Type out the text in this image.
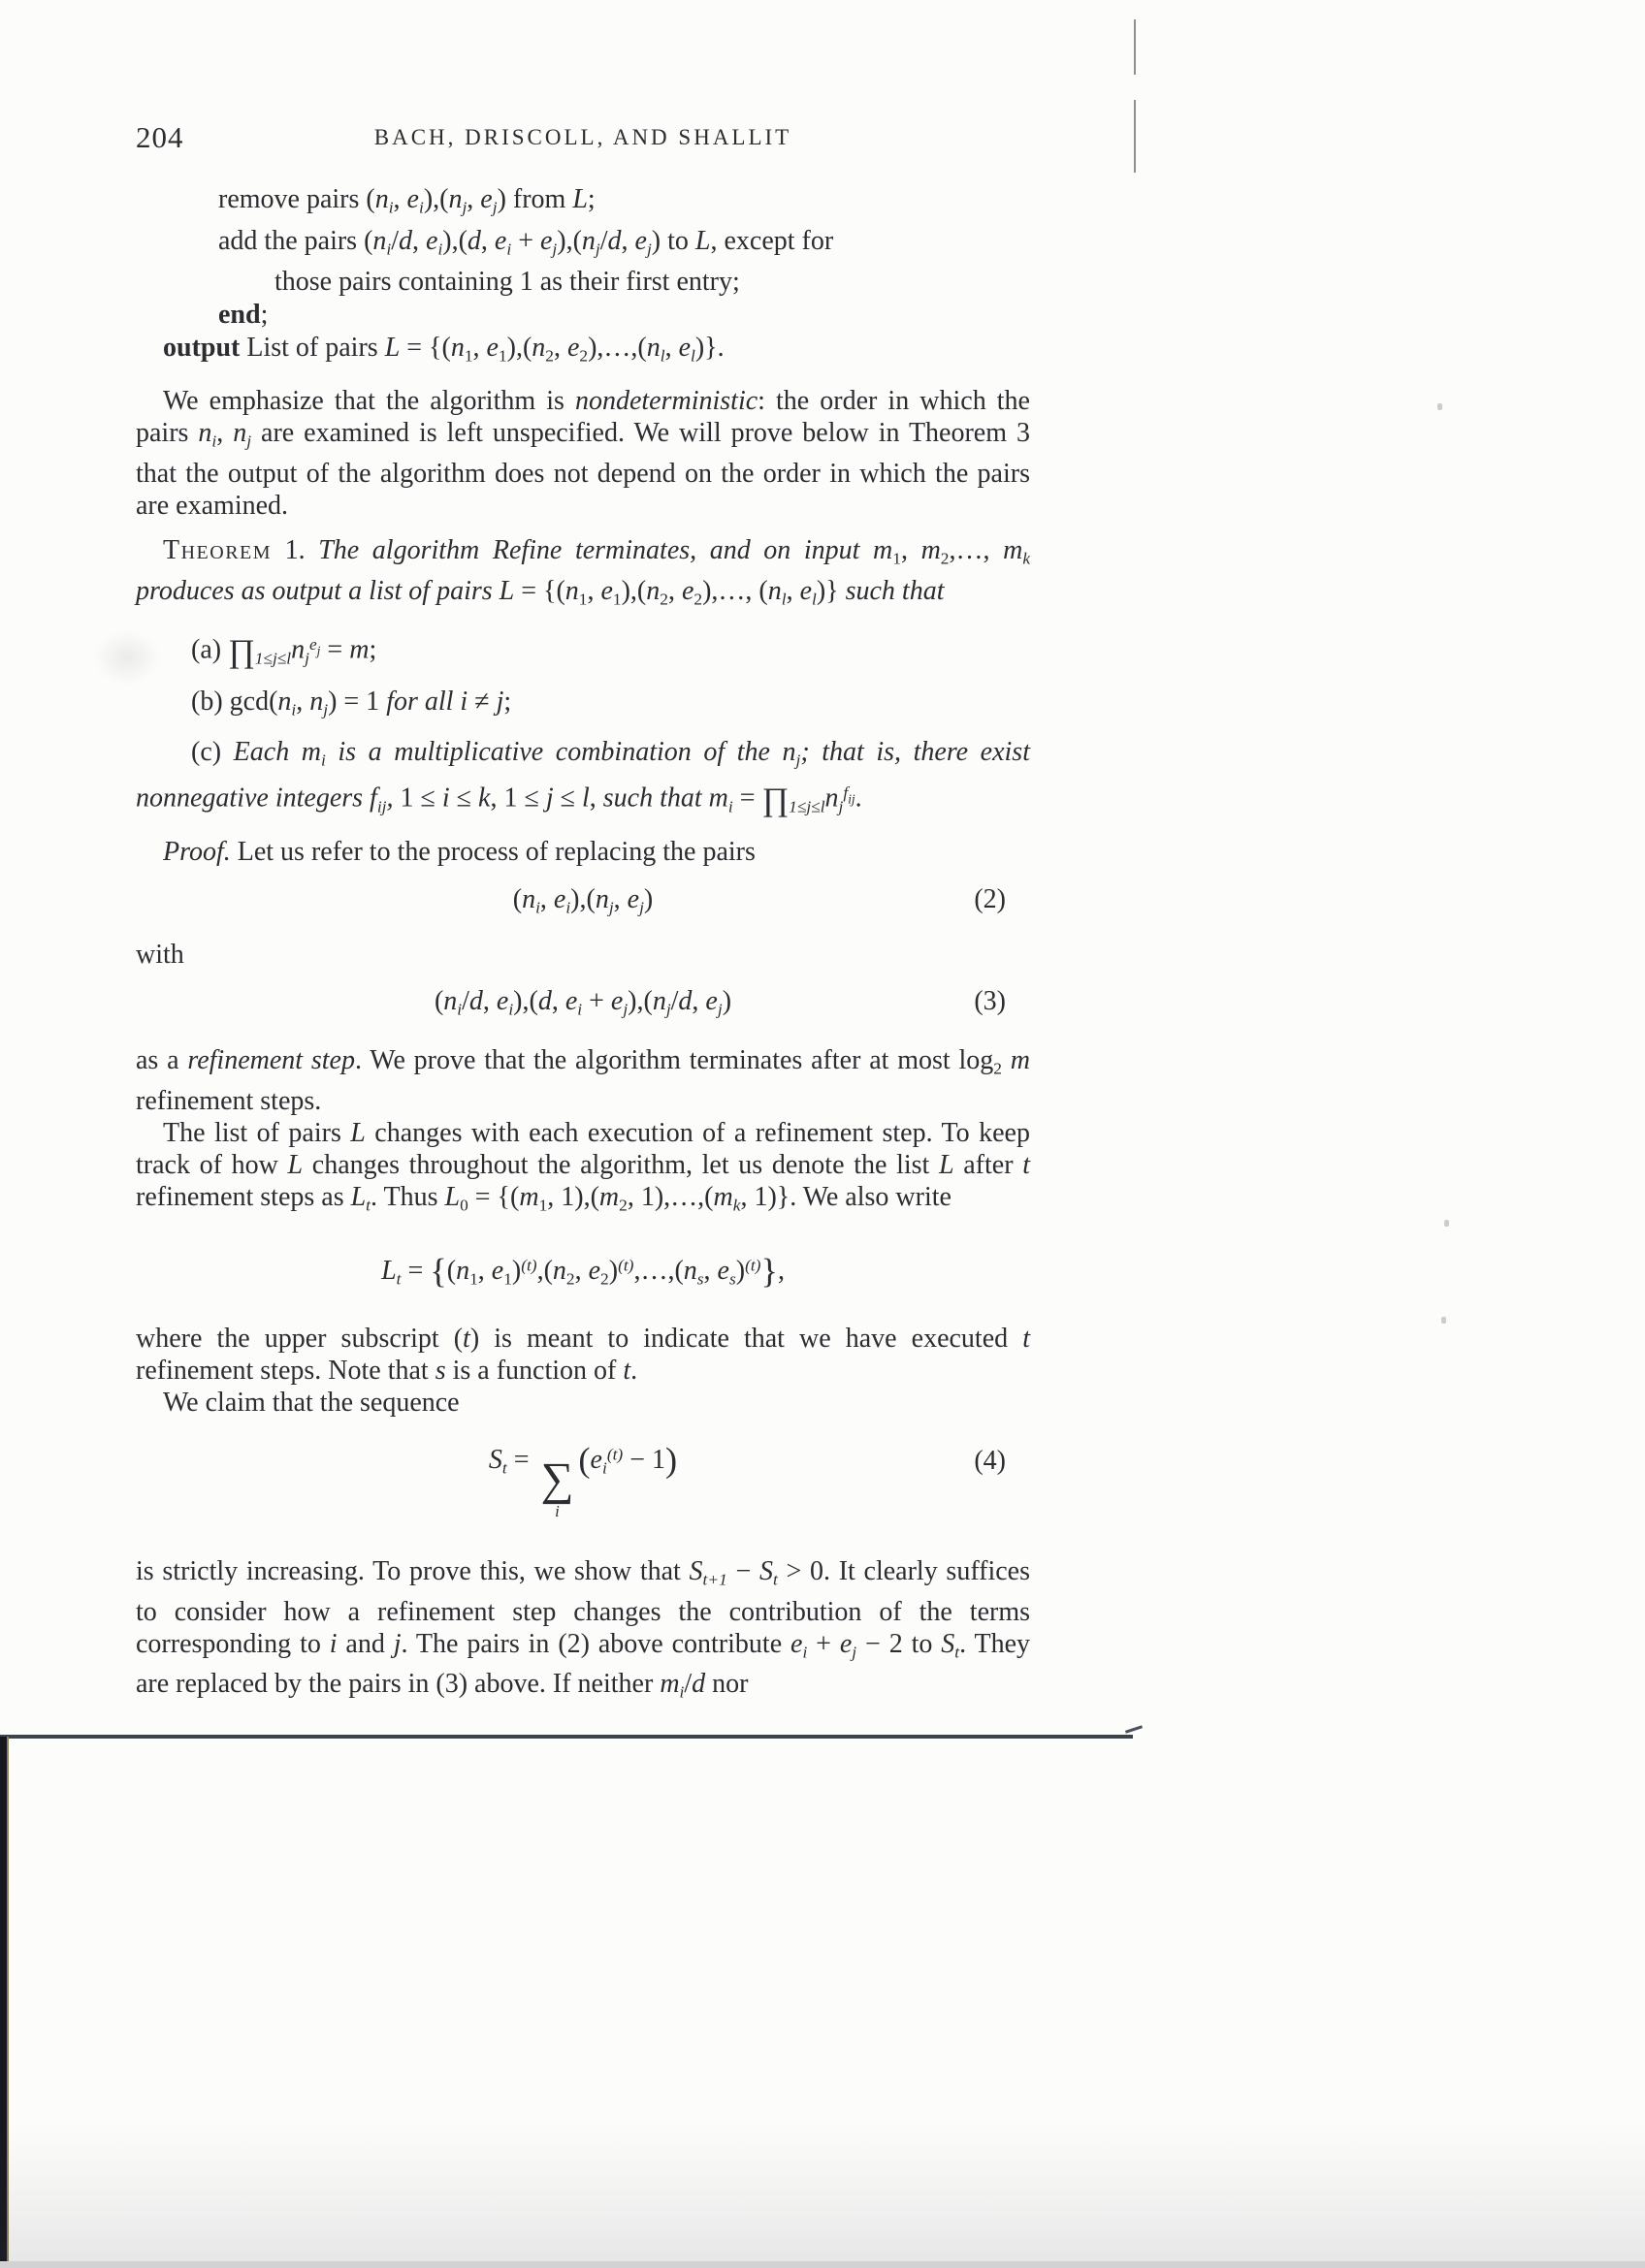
204	BACH, DRISCOLL, AND SHALLIT
remove pairs ($n_i$, $e_i),(n_j$, $e_j$) from L;
add the pairs ($n_i/d$, $e_i),(d$, $e_i + e_j),(n_j/d$, $e_j$) to L, except for
those pairs containing 1 as their first entry;
end;
output List of pairs $L = \{(n_1$, $e_1),(n_2$, $e_2),\dots,(n_l$, $e_l$)}.

We emphasize that the algorithm is nondeterministic: the order in which the pairs $n_i$, $n_j$ are examined is left unspecified. We will prove below in Theorem 3 that the output of the algorithm does not depend on the order in which the pairs are examined.

Theorem 1. The algorithm Refine terminates, and on input $m_1$, $m_2,\dots$, $m_k$ produces as output a list of pairs $L = \{(n_1$, $e_1),(n_2$, $e_2),\dots$, ($n_l$, $e_l$)} such that

(a) $\prod_{1\le j\le l}n_j^ej = m$;

(b) $\gcd(n_i$, $n_j) = 1$ for all i ≠ j;

(c) Each $m_i$ is a multiplicative combination of the $n_j$; that is, there exist nonnegative integers $f_{ij}$, 1 ≤ i ≤ k, 1 ≤ j ≤ l, such that $m_i$ = $\prod_{1\le j\le l}n_j^fij$.

Proof. Let us refer to the process of replacing the pairs

($n_i$, $e_i),(n_j$, $e_j$)	(2)

with

($n_i/d$, $e_i),(d$, $e_i + e_j),(n_j/d$, $e_j$)	(3)

as a refinement step. We prove that the algorithm terminates after at most $\log_2 m$ refinement steps.

The list of pairs L changes with each execution of a refinement step. To keep track of how L changes throughout the algorithm, let us denote the list L after t refinement steps as $L_t$. Thus $L_0 = \{(m_1$, $1),(m_2$, $1),\dots,(m_k$, 1)}. We also write

$L_t = \{(n_1$, $e_1)^{(t)},(n_2$, $e_2)^{(t)},\dots,(n_s$, $e_s)^{(t)}$},

where the upper subscript (t) is meant to indicate that we have executed t refinement steps. Note that s is a function of t.

We claim that the sequence

$S_t$ = ∑
i
$(e_i^{(t)} - 1)$	(4)

is strictly increasing. To prove this, we show that $S_{t+1} - S_t > 0$. It clearly suffices to consider how a refinement step changes the contribution of the terms corresponding to i and j. The pairs in (2) above contribute $e_i + e_j - 2$ to $S_t$. They are replaced by the pairs in (3) above. If neither $m_i/d$ nor
